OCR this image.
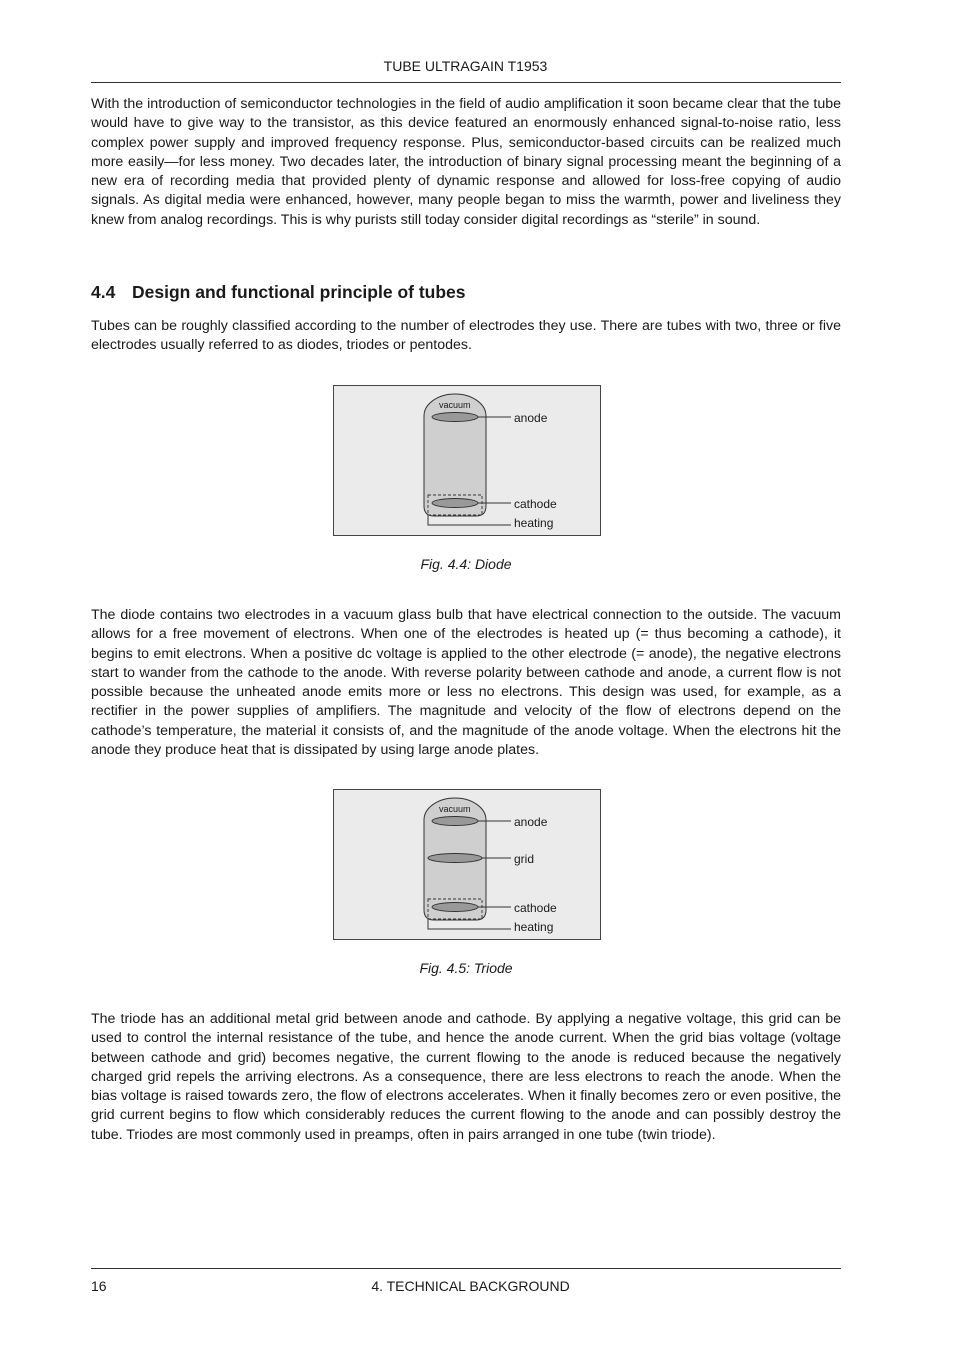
TUBE ULTRAGAIN T1953

With the introduction of semiconductor technologies in the field of audio amplification it soon became clear that the tube would have to give way to the transistor, as this device featured an enormously enhanced signal-to-noise ratio, less complex power supply and improved frequency response. Plus, semiconductor-based circuits can be realized much more easily—for less money. Two decades later, the introduction of binary signal processing meant the beginning of a new era of recording media that provided plenty of dynamic response and allowed for loss-free copying of audio signals. As digital media were enhanced, however, many people began to miss the warmth, power and liveliness they knew from analog recordings. This is why purists still today consider digital recordings as “sterile” in sound.

4.4 Design and functional principle of tubes

Tubes can be roughly classified according to the number of electrodes they use. There are tubes with two, three or five electrodes usually referred to as diodes, triodes or pentodes.

vacuum
anode
cathode
heating
Fig. 4.4: Diode

The diode contains two electrodes in a vacuum glass bulb that have electrical connection to the outside. The vacuum allows for a free movement of electrons. When one of the electrodes is heated up (= thus becoming a cathode), it begins to emit electrons. When a positive dc voltage is applied to the other electrode (= anode), the negative electrons start to wander from the cathode to the anode. With reverse polarity between cathode and anode, a current flow is not possible because the unheated anode emits more or less no electrons. This design was used, for example, as a rectifier in the power supplies of amplifiers. The magnitude and velocity of the flow of electrons depend on the cathode’s temperature, the material it consists of, and the magnitude of the anode voltage. When the electrons hit the anode they produce heat that is dissipated by using large anode plates.

vacuum
anode
grid
cathode
heating
Fig. 4.5: Triode

The triode has an additional metal grid between anode and cathode. By applying a negative voltage, this grid can be used to control the internal resistance of the tube, and hence the anode current. When the grid bias voltage (voltage between cathode and grid) becomes negative, the current flowing to the anode is reduced because the negatively charged grid repels the arriving electrons. As a consequence, there are less electrons to reach the anode. When the bias voltage is raised towards zero, the flow of electrons accelerates. When it finally becomes zero or even positive, the grid current begins to flow which considerably reduces the current flowing to the anode and can possibly destroy the tube. Triodes are most commonly used in preamps, often in pairs arranged in one tube (twin triode).

16	4. TECHNICAL BACKGROUND
